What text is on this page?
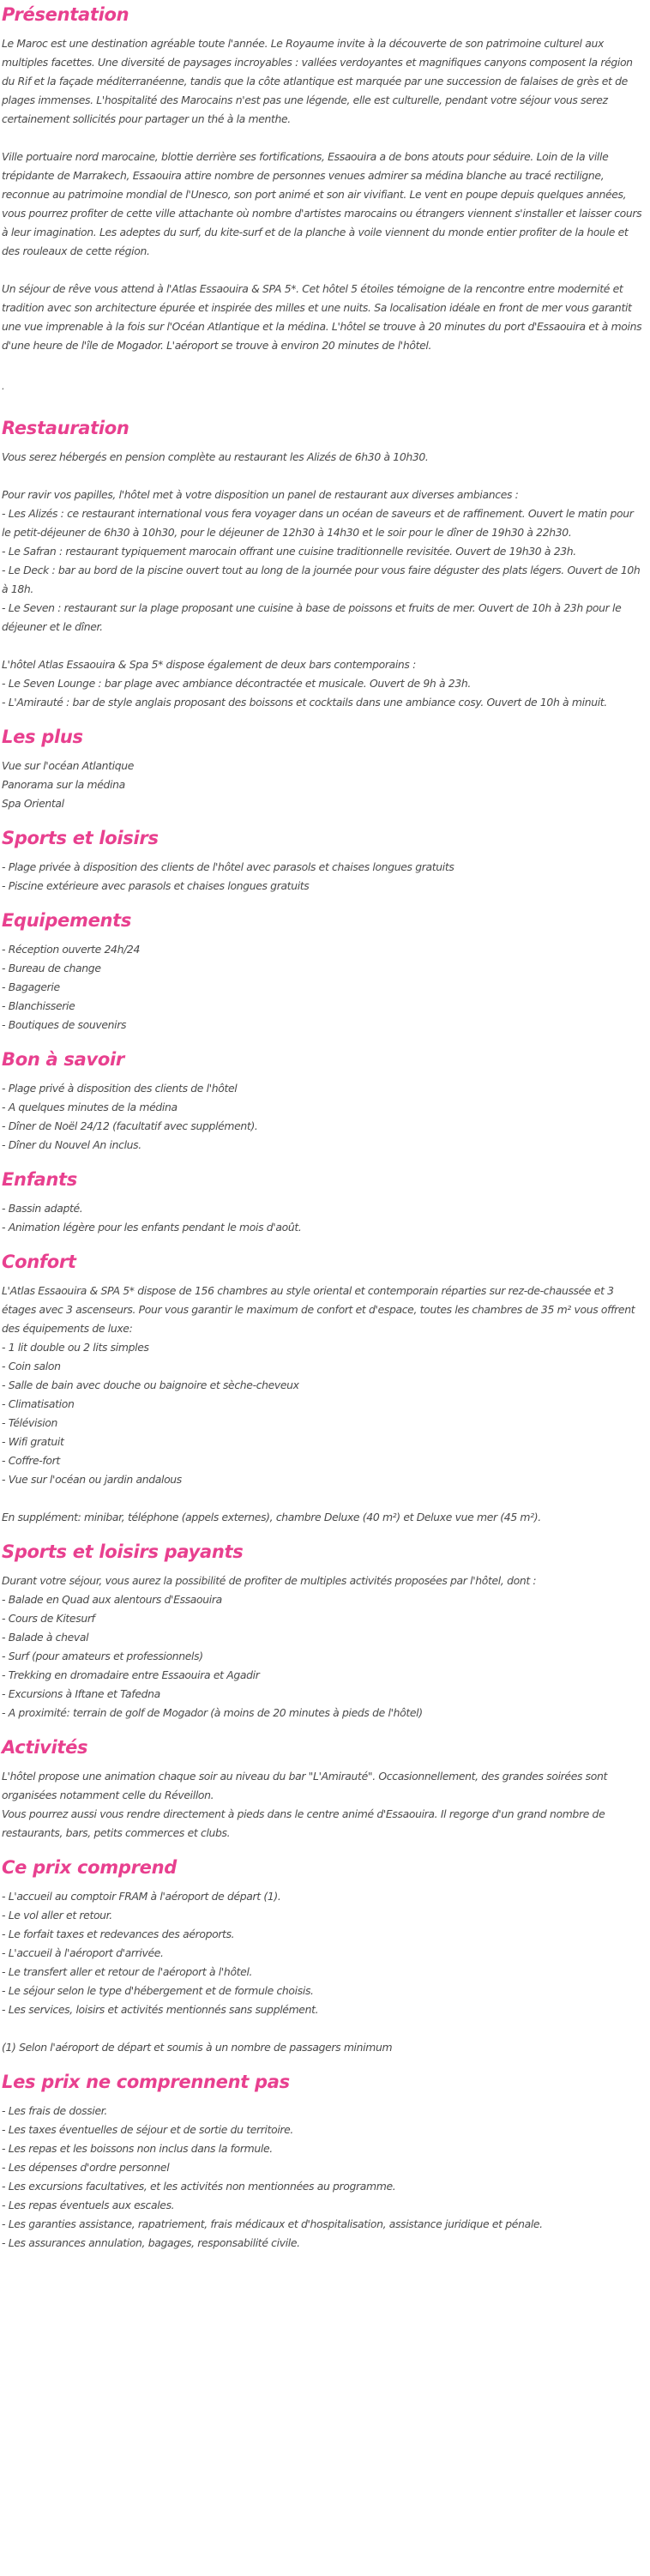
Présentation

Le Maroc est une destination agréable toute l'année. Le Royaume invite à la découverte de son patrimoine culturel aux multiples facettes. Une diversité de paysages incroyables : vallées verdoyantes et magnifiques canyons composent la région du Rif et la façade méditerranéenne, tandis que la côte atlantique est marquée par une succession de falaises de grès et de plages immenses. L'hospitalité des Marocains n'est pas une légende, elle est culturelle, pendant votre séjour vous serez certainement sollicités pour partager un thé à la menthe.

Ville portuaire nord marocaine, blottie derrière ses fortifications, Essaouira a de bons atouts pour séduire. Loin de la ville trépidante de Marrakech, Essaouira attire nombre de personnes venues admirer sa médina blanche au tracé rectiligne, reconnue au patrimoine mondial de l'Unesco, son port animé et son air vivifiant. Le vent en poupe depuis quelques années, vous pourrez profiter de cette ville attachante où nombre d'artistes marocains ou étrangers viennent s'installer et laisser cours à leur imagination. Les adeptes du surf, du kite-surf et de la planche à voile viennent du monde entier profiter de la houle et des rouleaux de cette région.

Un séjour de rêve vous attend à l'Atlas Essaouira & SPA 5*. Cet hôtel 5 étoiles témoigne de la rencontre entre modernité et tradition avec son architecture épurée et inspirée des milles et une nuits. Sa localisation idéale en front de mer vous garantit une vue imprenable à la fois sur l'Océan Atlantique et la médina. L'hôtel se trouve à 20 minutes du port d'Essaouira et à moins d'une heure de l'île de Mogador. L'aéroport se trouve à environ 20 minutes de l'hôtel.

.
Restauration

Vous serez hébergés en pension complète au restaurant les Alizés de 6h30 à 10h30.

Pour ravir vos papilles, l'hôtel met à votre disposition un panel de restaurant aux diverses ambiances :
- Les Alizés : ce restaurant international vous fera voyager dans un océan de saveurs et de raffinement. Ouvert le matin pour le petit-déjeuner de 6h30 à 10h30, pour le déjeuner de 12h30 à 14h30 et le soir pour le dîner de 19h30 à 22h30.
- Le Safran : restaurant typiquement marocain offrant une cuisine traditionnelle revisitée. Ouvert de 19h30 à 23h.
- Le Deck : bar au bord de la piscine ouvert tout au long de la journée pour vous faire déguster des plats légers. Ouvert de 10h à 18h.
- Le Seven : restaurant sur la plage proposant une cuisine à base de poissons et fruits de mer. Ouvert de 10h à 23h pour le déjeuner et le dîner.
L'hôtel Atlas Essaouira & Spa 5* dispose également de deux bars contemporains :
- Le Seven Lounge : bar plage avec ambiance décontractée et musicale. Ouvert de 9h à 23h.
- L'Amirauté : bar de style anglais proposant des boissons et cocktails dans une ambiance cosy. Ouvert de 10h à minuit.
Les plus
Vue sur l'océan Atlantique
Panorama sur la médina
Spa Oriental
Sports et loisirs
- Plage privée à disposition des clients de l'hôtel avec parasols et chaises longues gratuits
- Piscine extérieure avec parasols et chaises longues gratuits
Equipements
- Réception ouverte 24h/24
- Bureau de change
- Bagagerie
- Blanchisserie
- Boutiques de souvenirs
Bon à savoir
- Plage privé à disposition des clients de l'hôtel
- A quelques minutes de la médina
- Dîner de Noël 24/12 (facultatif avec supplément).
- Dîner du Nouvel An inclus.
Enfants
- Bassin adapté.
- Animation légère pour les enfants pendant le mois d'août.
Confort
L'Atlas Essaouira & SPA 5* dispose de 156 chambres au style oriental et contemporain réparties sur rez-de-chaussée et 3 étages avec 3 ascenseurs. Pour vous garantir le maximum de confort et d'espace, toutes les chambres de 35 m² vous offrent des équipements de luxe:
- 1 lit double ou 2 lits simples
- Coin salon
- Salle de bain avec douche ou baignoire et sèche-cheveux
- Climatisation
- Télévision
- Wifi gratuit
- Coffre-fort
- Vue sur l'océan ou jardin andalous
En supplément: minibar, téléphone (appels externes), chambre Deluxe (40 m²) et Deluxe vue mer (45 m²).
Sports et loisirs payants
Durant votre séjour, vous aurez la possibilité de profiter de multiples activités proposées par l'hôtel, dont :
- Balade en Quad aux alentours d'Essaouira
- Cours de Kitesurf
- Balade à cheval
- Surf (pour amateurs et professionnels)
- Trekking en dromadaire entre Essaouira et Agadir
- Excursions à Iftane et Tafedna
- A proximité: terrain de golf de Mogador (à moins de 20 minutes à pieds de l'hôtel)
Activités
L'hôtel propose une animation chaque soir au niveau du bar "L'Amirauté". Occasionnellement, des grandes soirées sont organisées notamment celle du Réveillon.
Vous pourrez aussi vous rendre directement à pieds dans le centre animé d'Essaouira. Il regorge d'un grand nombre de restaurants, bars, petits commerces et clubs.
Ce prix comprend
- L'accueil au comptoir FRAM à l'aéroport de départ (1).
- Le vol aller et retour.
- Le forfait taxes et redevances des aéroports.
- L'accueil à l'aéroport d'arrivée.
- Le transfert aller et retour de l'aéroport à l'hôtel.
- Le séjour selon le type d'hébergement et de formule choisis.
- Les services, loisirs et activités mentionnés sans supplément.
(1) Selon l'aéroport de départ et soumis à un nombre de passagers minimum
Les prix ne comprennent pas
- Les frais de dossier.
- Les taxes éventuelles de séjour et de sortie du territoire.
- Les repas et les boissons non inclus dans la formule.
- Les dépenses d'ordre personnel
- Les excursions facultatives, et les activités non mentionnées au programme.
- Les repas éventuels aux escales.
- Les garanties assistance, rapatriement, frais médicaux et d'hospitalisation, assistance juridique et pénale.
- Les assurances annulation, bagages, responsabilité civile.
